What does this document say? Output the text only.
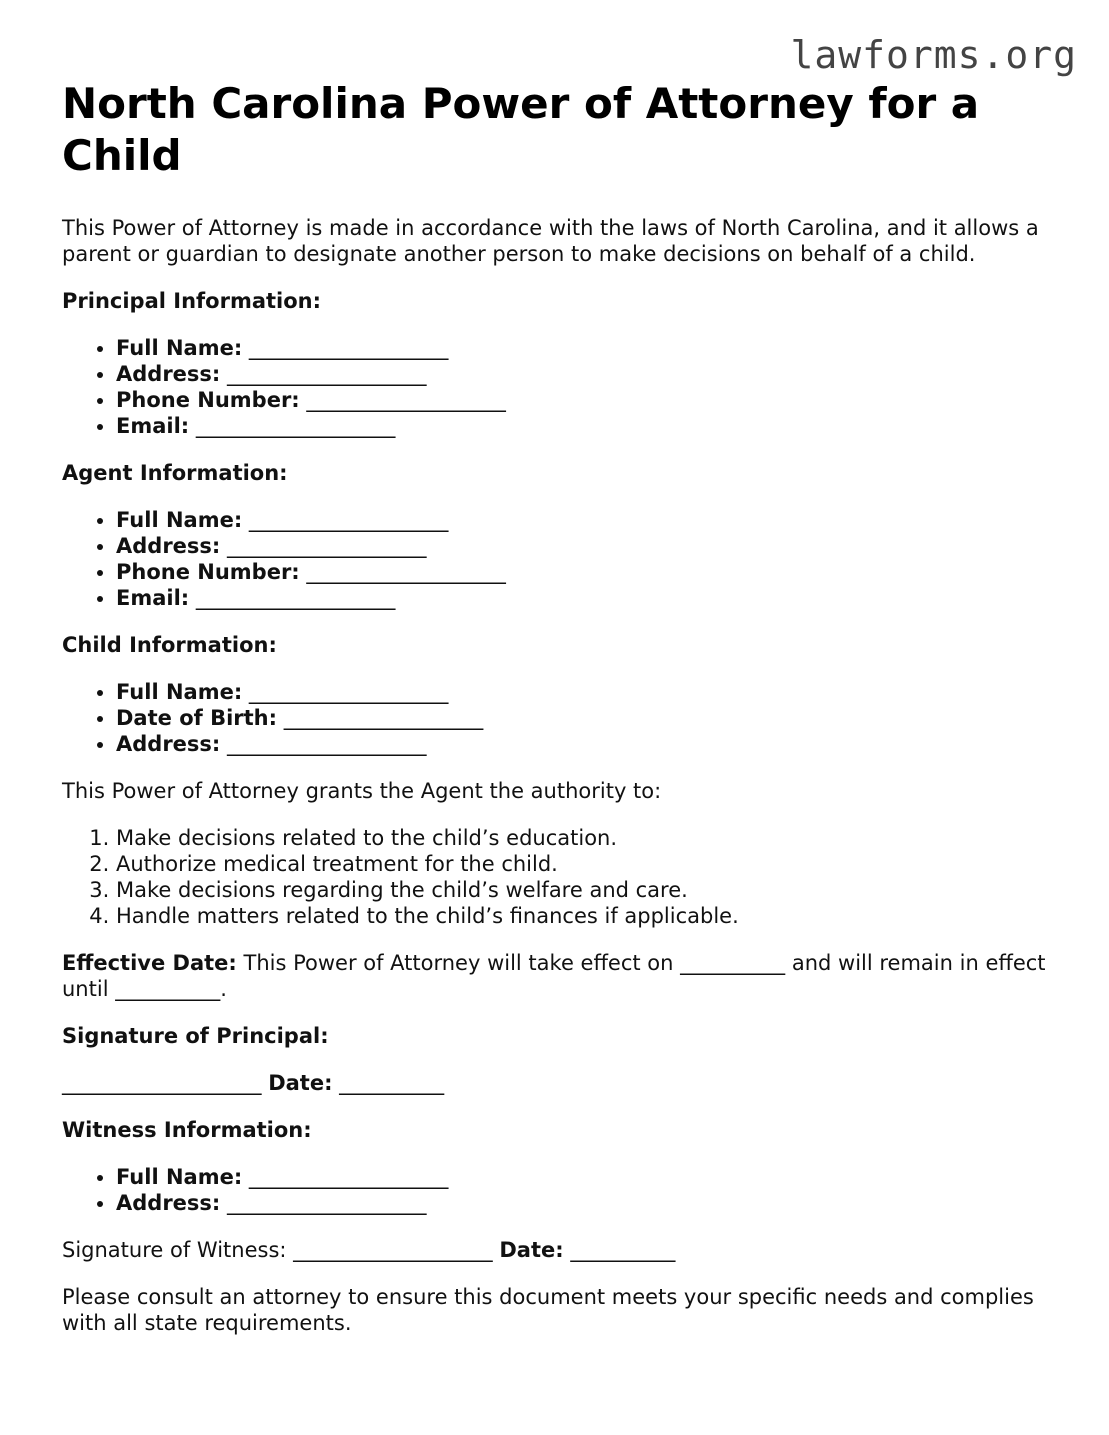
lawforms.org
North Carolina Power of Attorney for a Child

This Power of Attorney is made in accordance with the laws of North Carolina, and it allows a parent or guardian to designate another person to make decisions on behalf of a child.

Principal Information:

• Full Name: ___________________
• Address: ___________________
• Phone Number: ___________________
• Email: ___________________

Agent Information:

• Full Name: ___________________
• Address: ___________________
• Phone Number: ___________________
• Email: ___________________

Child Information:

• Full Name: ___________________
• Date of Birth: ___________________
• Address: ___________________

This Power of Attorney grants the Agent the authority to:

1. Make decisions related to the child’s education.
2. Authorize medical treatment for the child.
3. Make decisions regarding the child’s welfare and care.
4. Handle matters related to the child’s finances if applicable.

Effective Date: This Power of Attorney will take effect on __________ and will remain in effect until __________.

Signature of Principal:

___________________ Date: __________

Witness Information:

• Full Name: ___________________
• Address: ___________________

Signature of Witness: ___________________ Date: __________

Please consult an attorney to ensure this document meets your specific needs and complies with all state requirements.
